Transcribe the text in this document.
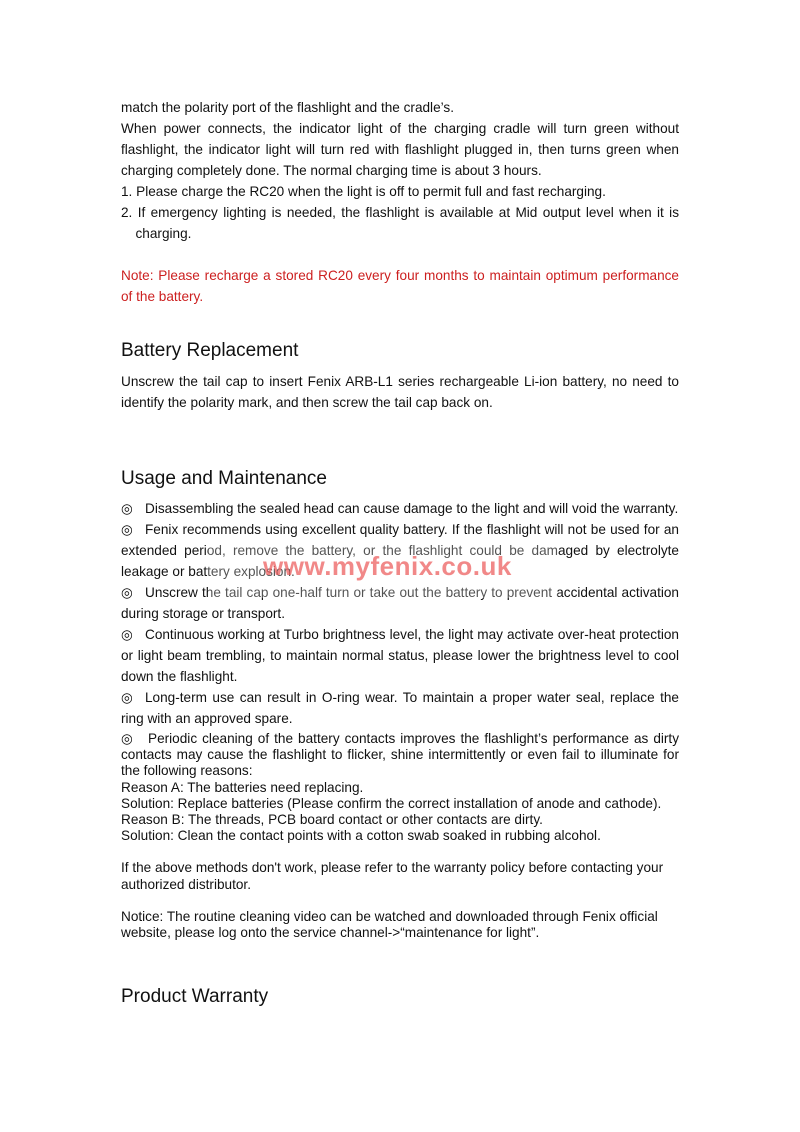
match the polarity port of the flashlight and the cradle’s.

When power connects, the indicator light of the charging cradle will turn green without flashlight, the indicator light will turn red with flashlight plugged in, then turns green when charging completely done. The normal charging time is about 3 hours.

1. Please charge the RC20 when the light is off to permit full and fast recharging.

2. If emergency lighting is needed, the flashlight is available at Mid output level when it is charging.

Note: Please recharge a stored RC20 every four months to maintain optimum performance of the battery.

Battery Replacement

Unscrew the tail cap to insert Fenix ARB-L1 series rechargeable Li-ion battery, no need to identify the polarity mark, and then screw the tail cap back on.

Usage and Maintenance

◎ Disassembling the sealed head can cause damage to the light and will void the warranty.

◎ Fenix recommends using excellent quality battery. If the flashlight will not be used for an extended period, remove the battery, or the flashlight could be damaged by electrolyte leakage or battery explosion.

◎ Unscrew the tail cap one-half turn or take out the battery to prevent accidental activation during storage or transport.

◎ Continuous working at Turbo brightness level, the light may activate over-heat protection or light beam trembling, to maintain normal status, please lower the brightness level to cool down the flashlight.

◎ Long-term use can result in O-ring wear. To maintain a proper water seal, replace the ring with an approved spare.

◎ Periodic cleaning of the battery contacts improves the flashlight’s performance as dirty contacts may cause the flashlight to flicker, shine intermittently or even fail to illuminate for the following reasons:

Reason A: The batteries need replacing.

Solution: Replace batteries (Please confirm the correct installation of anode and cathode).

Reason B: The threads, PCB board contact or other contacts are dirty.

Solution: Clean the contact points with a cotton swab soaked in rubbing alcohol.

If the above methods don't work, please refer to the warranty policy before contacting your authorized distributor.

Notice: The routine cleaning video can be watched and downloaded through Fenix official website, please log onto the service channel->“maintenance for light”.

Product Warranty
www.myfenix.co.uk
